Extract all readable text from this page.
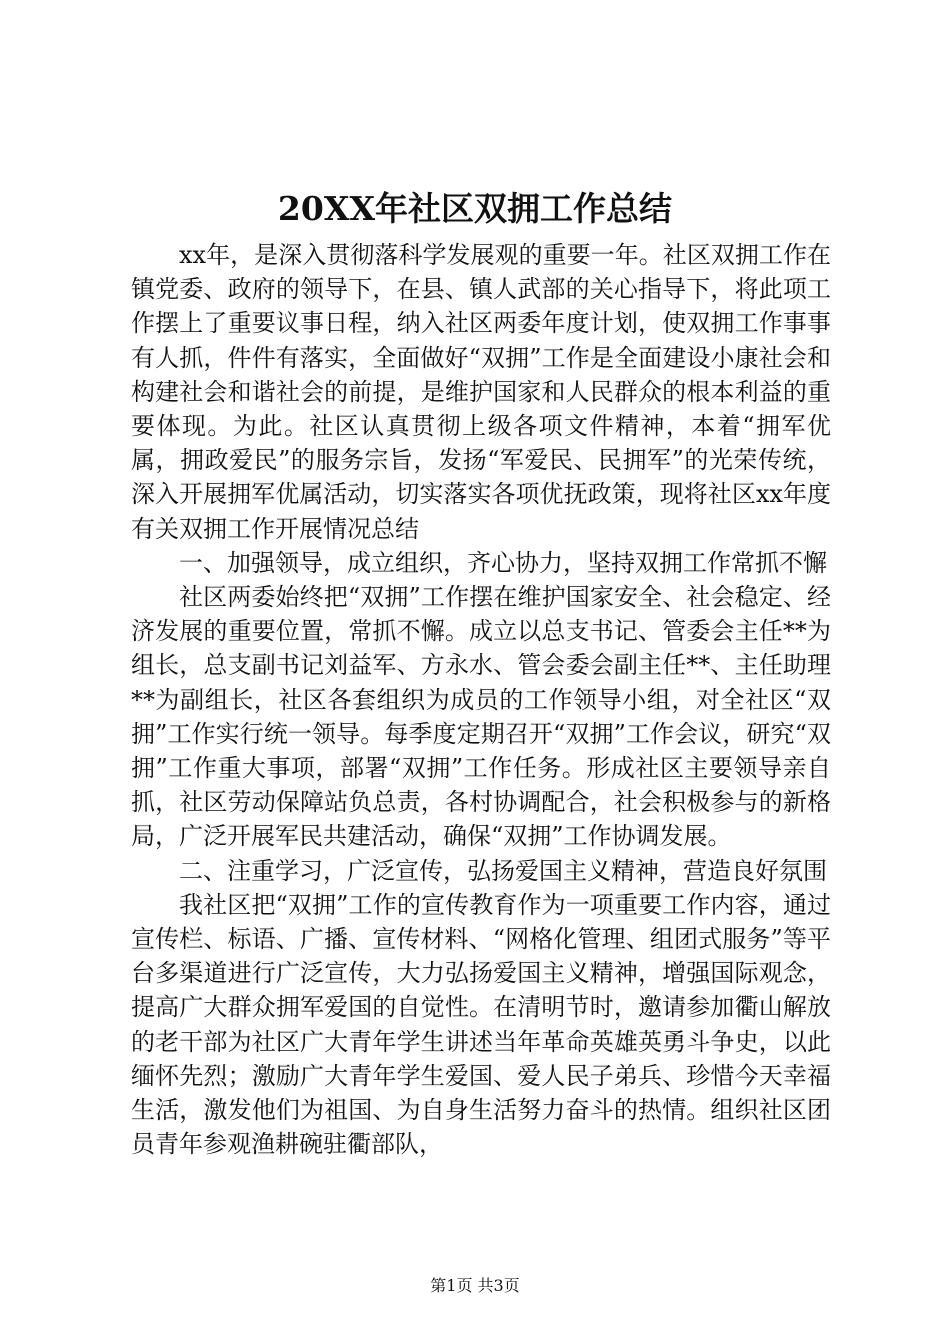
20XX年社区双拥工作总结

xx年，是深入贯彻落科学发展观的重要一年。社区双拥工作在镇党委、政府的领导下，在县、镇人武部的关心指导下，将此项工作摆上了重要议事日程，纳入社区两委年度计划，使双拥工作事事有人抓，件件有落实，全面做好“双拥”工作是全面建设小康社会和构建社会和谐社会的前提，是维护国家和人民群众的根本利益的重要体现。为此。社区认真贯彻上级各项文件精神，本着“拥军优属，拥政爱民”的服务宗旨，发扬“军爱民、民拥军”的光荣传统，深入开展拥军优属活动，切实落实各项优抚政策，现将社区xx年度有关双拥工作开展情况总结

一、加强领导，成立组织，齐心协力，坚持双拥工作常抓不懈

社区两委始终把“双拥”工作摆在维护国家安全、社会稳定、经济发展的重要位置，常抓不懈。成立以总支书记、管委会主任**为组长，总支副书记刘益军、方永水、管会委会副主任**、主任助理**为副组长，社区各套组织为成员的工作领导小组，对全社区“双拥”工作实行统一领导。每季度定期召开“双拥”工作会议，研究“双拥”工作重大事项，部署“双拥”工作任务。形成社区主要领导亲自抓，社区劳动保障站负总责，各村协调配合，社会积极参与的新格局，广泛开展军民共建活动，确保“双拥”工作协调发展。

二、注重学习，广泛宣传，弘扬爱国主义精神，营造良好氛围

我社区把“双拥”工作的宣传教育作为一项重要工作内容，通过宣传栏、标语、广播、宣传材料、“网格化管理、组团式服务”等平台多渠道进行广泛宣传，大力弘扬爱国主义精神，增强国际观念，提高广大群众拥军爱国的自觉性。在清明节时，邀请参加衢山解放的老干部为社区广大青年学生讲述当年革命英雄英勇斗争史，以此缅怀先烈；激励广大青年学生爱国、爱人民子弟兵、珍惜今天幸福生活，激发他们为祖国、为自身生活努力奋斗的热情。组织社区团员青年参观渔耕碗驻衢部队，

第1页 共3页
